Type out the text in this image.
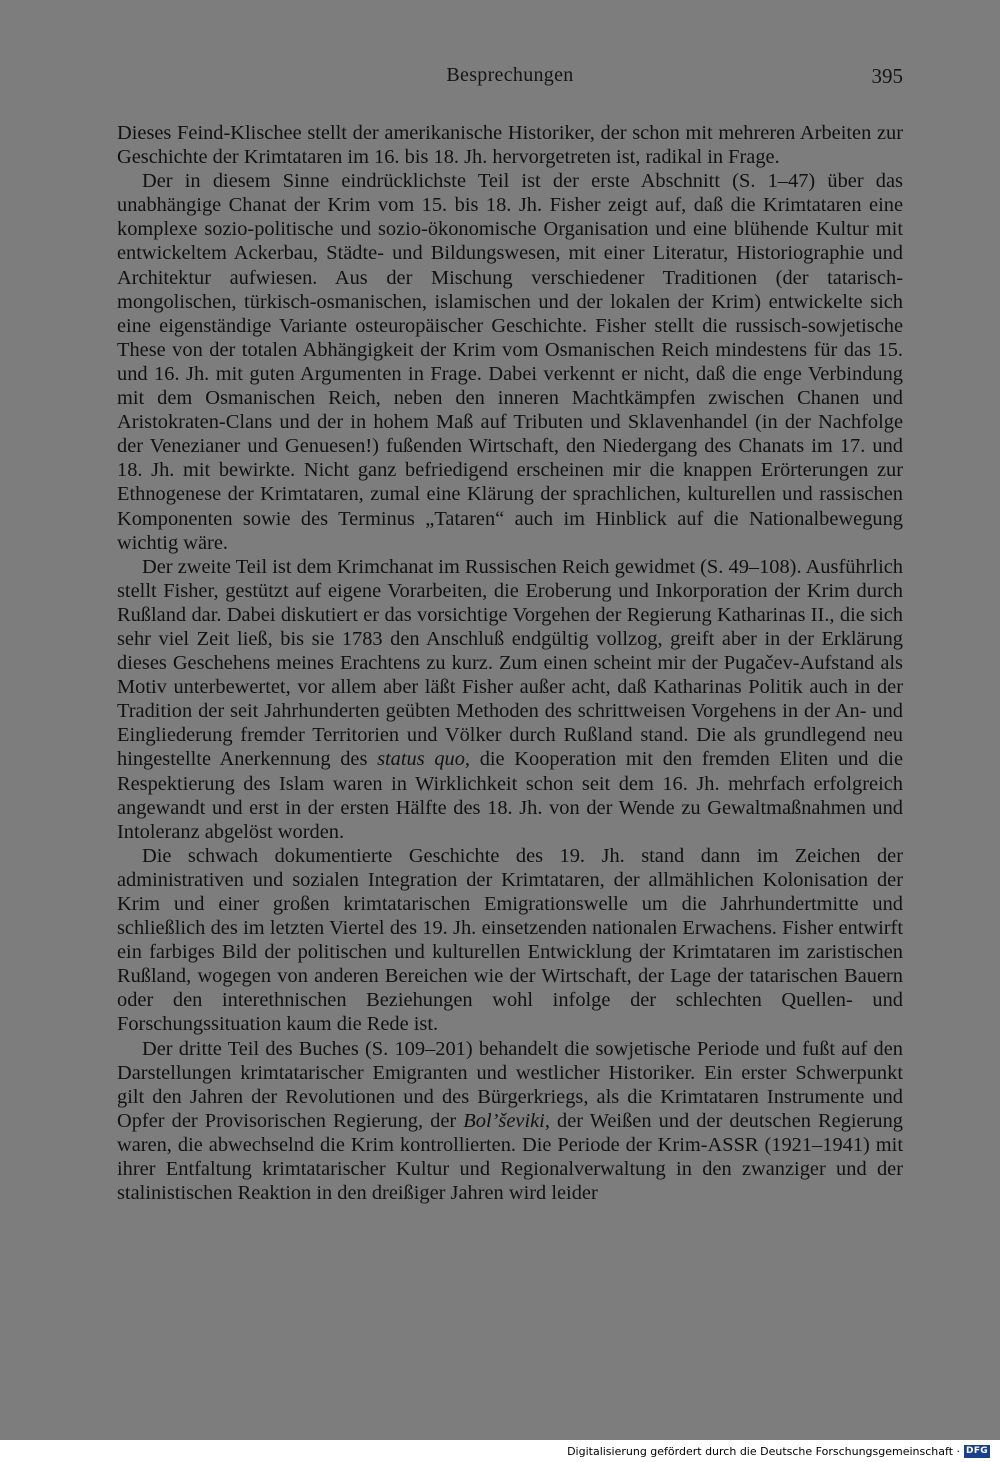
Besprechungen	395

Dieses Feind-Klischee stellt der amerikanische Historiker, der schon mit mehreren Arbeiten zur Geschichte der Krimtataren im 16. bis 18. Jh. hervorgetreten ist, radikal in Frage.

Der in diesem Sinne eindrücklichste Teil ist der erste Abschnitt (S. 1–47) über das unabhängige Chanat der Krim vom 15. bis 18. Jh. Fisher zeigt auf, daß die Krimtataren eine komplexe sozio-politische und sozio-ökonomische Organisation und eine blühende Kultur mit entwickeltem Ackerbau, Städte- und Bildungswesen, mit einer Literatur, Historiographie und Architektur aufwiesen. Aus der Mischung verschiedener Traditionen (der tatarisch-mongolischen, türkisch-osmanischen, islamischen und der lokalen der Krim) entwickelte sich eine eigenständige Variante osteuropäischer Geschichte. Fisher stellt die russisch-sowjetische These von der totalen Abhängigkeit der Krim vom Osmanischen Reich mindestens für das 15. und 16. Jh. mit guten Argumenten in Frage. Dabei verkennt er nicht, daß die enge Verbindung mit dem Osmanischen Reich, neben den inneren Machtkämpfen zwischen Chanen und Aristokraten-Clans und der in hohem Maß auf Tributen und Sklavenhandel (in der Nachfolge der Venezianer und Genuesen!) fußenden Wirtschaft, den Niedergang des Chanats im 17. und 18. Jh. mit bewirkte. Nicht ganz befriedigend erscheinen mir die knappen Erörterungen zur Ethnogenese der Krimtataren, zumal eine Klärung der sprachlichen, kulturellen und rassischen Komponenten sowie des Terminus „Tataren“ auch im Hinblick auf die Nationalbewegung wichtig wäre.

Der zweite Teil ist dem Krimchanat im Russischen Reich gewidmet (S. 49–108). Ausführlich stellt Fisher, gestützt auf eigene Vorarbeiten, die Eroberung und Inkorporation der Krim durch Rußland dar. Dabei diskutiert er das vorsichtige Vorgehen der Regierung Katharinas II., die sich sehr viel Zeit ließ, bis sie 1783 den Anschluß endgültig vollzog, greift aber in der Erklärung dieses Geschehens meines Erachtens zu kurz. Zum einen scheint mir der Pugačev-Aufstand als Motiv unterbewertet, vor allem aber läßt Fisher außer acht, daß Katharinas Politik auch in der Tradition der seit Jahrhunderten geübten Methoden des schrittweisen Vorgehens in der An- und Eingliederung fremder Territorien und Völker durch Rußland stand. Die als grundlegend neu hingestellte Anerkennung des status quo, die Kooperation mit den fremden Eliten und die Respektierung des Islam waren in Wirklichkeit schon seit dem 16. Jh. mehrfach erfolgreich angewandt und erst in der ersten Hälfte des 18. Jh. von der Wende zu Gewaltmaßnahmen und Intoleranz abgelöst worden.

Die schwach dokumentierte Geschichte des 19. Jh. stand dann im Zeichen der administrativen und sozialen Integration der Krimtataren, der allmählichen Kolonisation der Krim und einer großen krimtatarischen Emigrationswelle um die Jahrhundertmitte und schließlich des im letzten Viertel des 19. Jh. einsetzenden nationalen Erwachens. Fisher entwirft ein farbiges Bild der politischen und kulturellen Entwicklung der Krimtataren im zaristischen Rußland, wogegen von anderen Bereichen wie der Wirtschaft, der Lage der tatarischen Bauern oder den interethnischen Beziehungen wohl infolge der schlechten Quellen- und Forschungssituation kaum die Rede ist.

Der dritte Teil des Buches (S. 109–201) behandelt die sowjetische Periode und fußt auf den Darstellungen krimtatarischer Emigranten und westlicher Historiker. Ein erster Schwerpunkt gilt den Jahren der Revolutionen und des Bürgerkriegs, als die Krimtataren Instrumente und Opfer der Provisorischen Regierung, der Bol’ševiki, der Weißen und der deutschen Regierung waren, die abwechselnd die Krim kontrollierten. Die Periode der Krim-ASSR (1921–1941) mit ihrer Entfaltung krimtatarischer Kultur und Regionalverwaltung in den zwanziger und der stalinistischen Reaktion in den dreißiger Jahren wird leider

Digitalisierung gefördert durch die Deutsche Forschungsgemeinschaft · DFG
